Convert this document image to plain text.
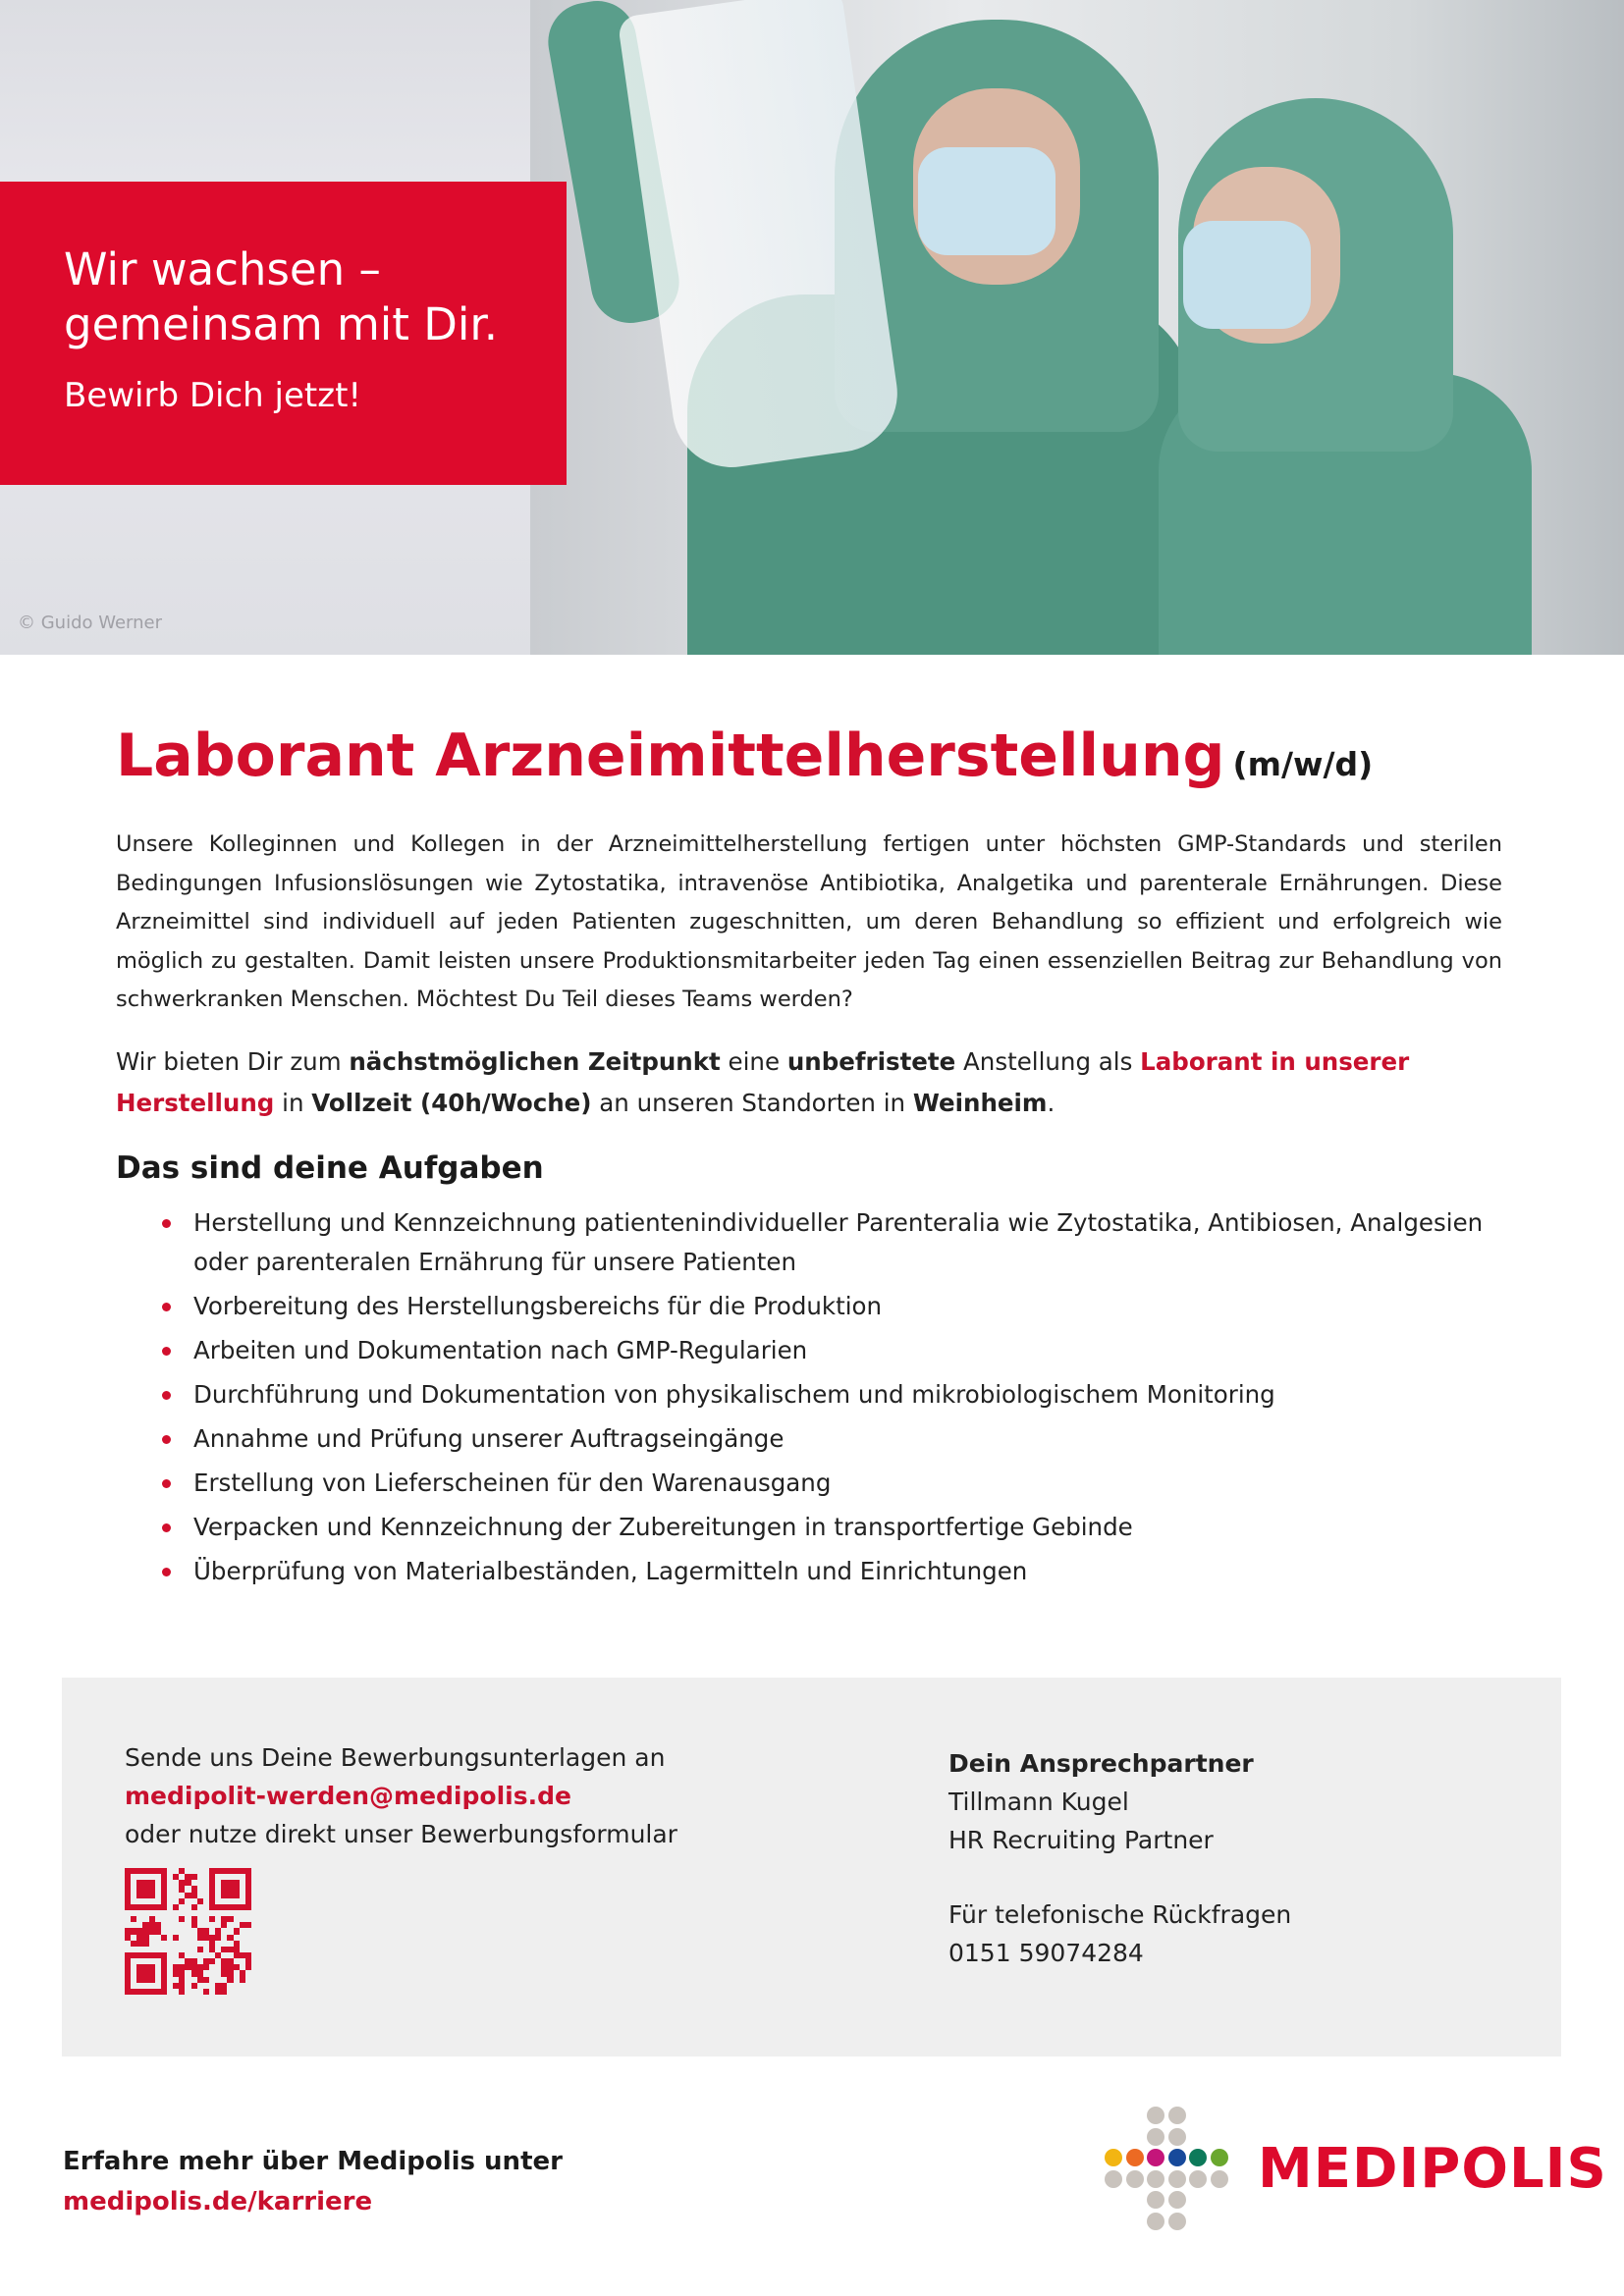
© Guido Werner
Wir wachsen –
gemeinsam mit Dir.
Bewirb Dich jetzt!
Laborant Arzneimittelherstellung (m/w/d)

Unsere Kolleginnen und Kollegen in der Arzneimittelherstellung fertigen unter höchsten GMP-Standards und sterilen Bedingungen Infusionslösungen wie Zytostatika, intravenöse Antibiotika, Analgetika und parenterale Ernährungen. Diese Arzneimittel sind individuell auf jeden Patienten zugeschnitten, um deren Behandlung so effizient und erfolgreich wie möglich zu gestalten. Damit leisten unsere Produktionsmitarbeiter jeden Tag einen essenziellen Beitrag zur Behandlung von schwerkranken Menschen. Möchtest Du Teil dieses Teams werden?

Wir bieten Dir zum nächstmöglichen Zeitpunkt eine unbefristete Anstellung als Laborant in unserer Herstellung in Vollzeit (40h/Woche) an unseren Standorten in Weinheim.

Das sind deine Aufgaben
Herstellung und Kennzeichnung patientenindividueller Parenteralia wie Zytostatika, Antibiosen, Analgesien oder parenteralen Ernährung für unsere Patienten
Vorbereitung des Herstellungsbereichs für die Produktion
Arbeiten und Dokumentation nach GMP-Regularien
Durchführung und Dokumentation von physikalischem und mikrobiologischem Monitoring
Annahme und Prüfung unserer Auftragseingänge
Erstellung von Lieferscheinen für den Warenausgang
Verpacken und Kennzeichnung der Zubereitungen in transportfertige Gebinde
Überprüfung von Materialbeständen, Lagermitteln und Einrichtungen
Sende uns Deine Bewerbungsunterlagen an
medipolit-werden@medipolis.de
oder nutze direkt unser Bewerbungsformular
Dein Ansprechpartner
Tillmann Kugel
HR Recruiting Partner
Für telefonische Rückfragen
0151 59074284
Erfahre mehr über Medipolis unter
medipolis.de/karriere
MEDIPOLIS
